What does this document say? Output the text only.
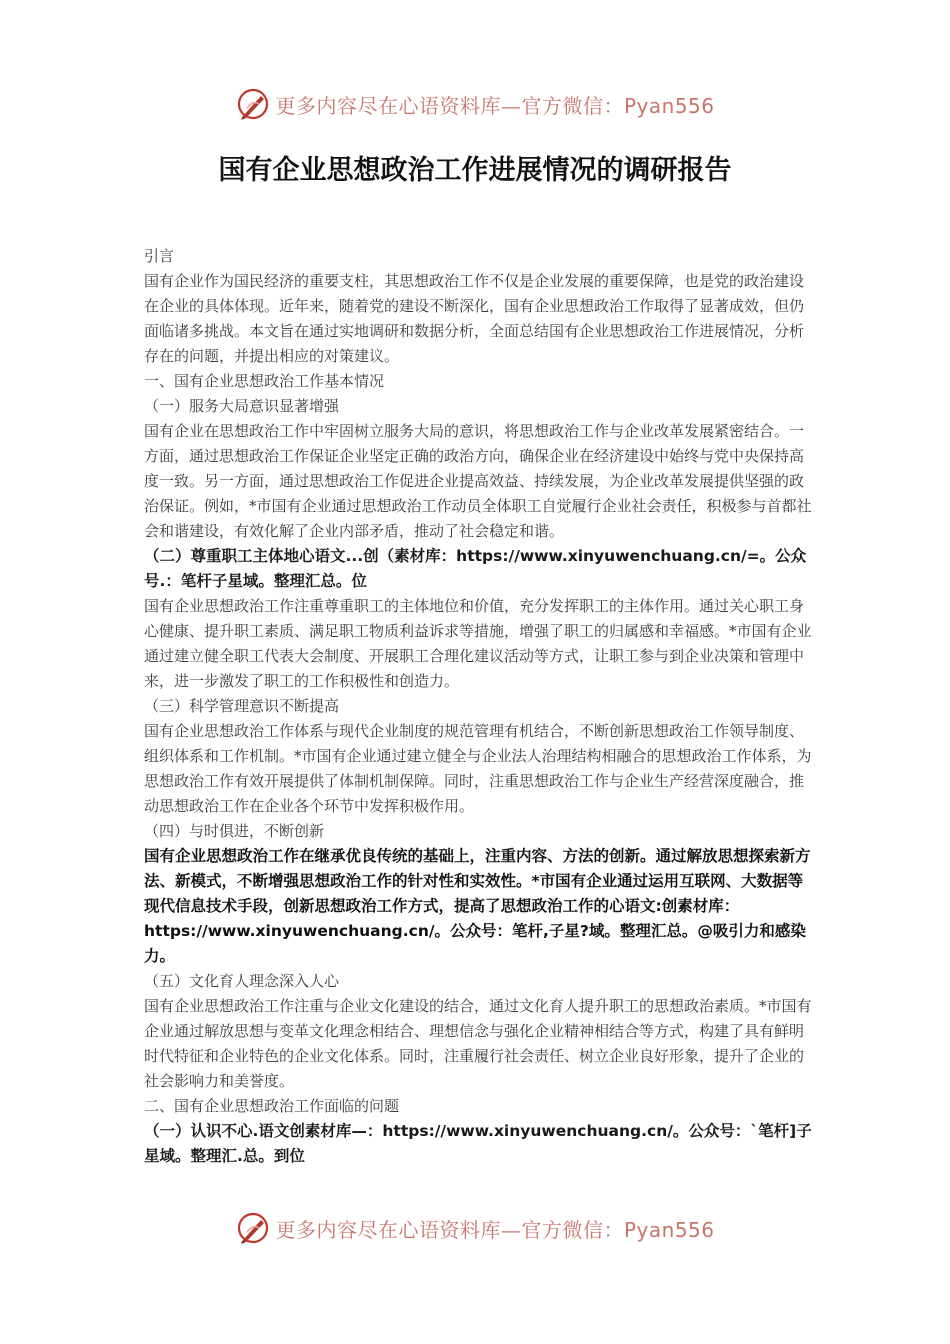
更多内容尽在心语资料库—官方微信：Pyan556
国有企业思想政治工作进展情况的调研报告

引言

国有企业作为国民经济的重要支柱，其思想政治工作不仅是企业发展的重要保障，也是党的政治建设在企业的具体体现。近年来，随着党的建设不断深化，国有企业思想政治工作取得了显著成效，但仍面临诸多挑战。本文旨在通过实地调研和数据分析，全面总结国有企业思想政治工作进展情况，分析存在的问题，并提出相应的对策建议。

一、国有企业思想政治工作基本情况

（一）服务大局意识显著增强

国有企业在思想政治工作中牢固树立服务大局的意识，将思想政治工作与企业改革发展紧密结合。一方面，通过思想政治工作保证企业坚定正确的政治方向，确保企业在经济建设中始终与党中央保持高度一致。另一方面，通过思想政治工作促进企业提高效益、持续发展，为企业改革发展提供坚强的政治保证。例如，*市国有企业通过思想政治工作动员全体职工自觉履行企业社会责任，积极参与首都社会和谐建设，有效化解了企业内部矛盾，推动了社会稳定和谐。

（二）尊重职工主体地心语文...创（素材库：https://www.xinyuwenchuang.cn/=。公众号.：笔杆子星域。整理汇总。位

国有企业思想政治工作注重尊重职工的主体地位和价值，充分发挥职工的主体作用。通过关心职工身心健康、提升职工素质、满足职工物质利益诉求等措施，增强了职工的归属感和幸福感。*市国有企业通过建立健全职工代表大会制度、开展职工合理化建议活动等方式，让职工参与到企业决策和管理中来，进一步激发了职工的工作积极性和创造力。

（三）科学管理意识不断提高

国有企业思想政治工作体系与现代企业制度的规范管理有机结合，不断创新思想政治工作领导制度、组织体系和工作机制。*市国有企业通过建立健全与企业法人治理结构相融合的思想政治工作体系，为思想政治工作有效开展提供了体制机制保障。同时，注重思想政治工作与企业生产经营深度融合，推动思想政治工作在企业各个环节中发挥积极作用。

（四）与时俱进，不断创新

国有企业思想政治工作在继承优良传统的基础上，注重内容、方法的创新。通过解放思想探索新方法、新模式，不断增强思想政治工作的针对性和实效性。*市国有企业通过运用互联网、大数据等现代信息技术手段，创新思想政治工作方式，提高了思想政治工作的心语文:创素材库：https://www.xinyuwenchuang.cn/。公众号：笔杆,子星?域。整理汇总。@吸引力和感染力。

（五）文化育人理念深入人心

国有企业思想政治工作注重与企业文化建设的结合，通过文化育人提升职工的思想政治素质。*市国有企业通过解放思想与变革文化理念相结合、理想信念与强化企业精神相结合等方式，构建了具有鲜明时代特征和企业特色的企业文化体系。同时，注重履行社会责任、树立企业良好形象，提升了企业的社会影响力和美誉度。

二、国有企业思想政治工作面临的问题

（一）认识不心.语文创素材库—：https://www.xinyuwenchuang.cn/。公众号：`笔杆]子星域。整理汇.总。到位

更多内容尽在心语资料库—官方微信：Pyan556
